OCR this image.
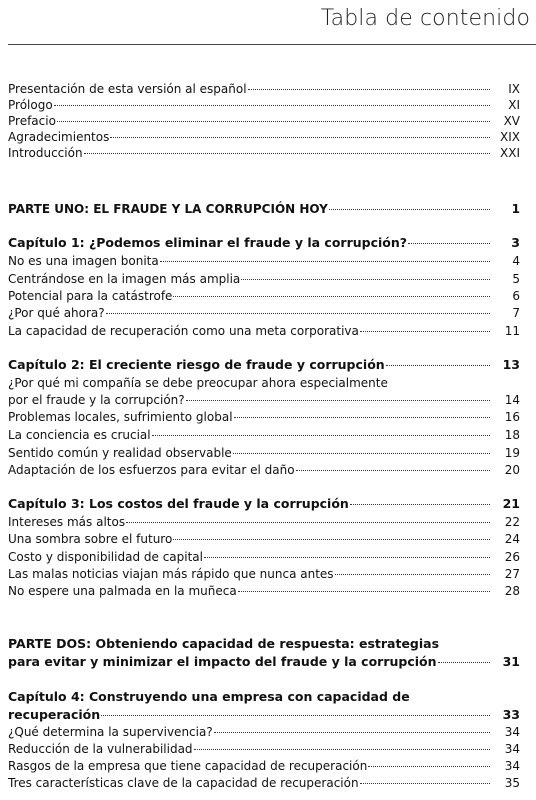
Tabla de contenido
Presentación de esta versión al español	IX
Prólogo	XI
Prefacio	XV
Agradecimientos	XIX
Introducción	XXI
PARTE UNO: EL FRAUDE Y LA CORRUPCIÓN HOY	1
Capítulo 1: ¿Podemos eliminar el fraude y la corrupción?	3
No es una imagen bonita	4
Centrándose en la imagen más amplia	5
Potencial para la catástrofe	6
¿Por qué ahora?	7
La capacidad de recuperación como una meta corporativa	11
Capítulo 2: El creciente riesgo de fraude y corrupción	13
¿Por qué mi compañía se debe preocupar ahora especialmente
por el fraude y la corrupción?	14
Problemas locales, sufrimiento global	16
La conciencia es crucial	18
Sentido común y realidad observable	19
Adaptación de los esfuerzos para evitar el daño	20
Capítulo 3: Los costos del fraude y la corrupción	21
Intereses más altos	22
Una sombra sobre el futuro	24
Costo y disponibilidad de capital	26
Las malas noticias viajan más rápido que nunca antes	27
No espere una palmada en la muñeca	28
PARTE DOS: Obteniendo capacidad de respuesta: estrategias
para evitar y minimizar el impacto del fraude y la corrupción	31
Capítulo 4: Construyendo una empresa con capacidad de
recuperación	33
¿Qué determina la supervivencia?	34
Reducción de la vulnerabilidad	34
Rasgos de la empresa que tiene capacidad de recuperación	34
Tres características clave de la capacidad de recuperación	35
